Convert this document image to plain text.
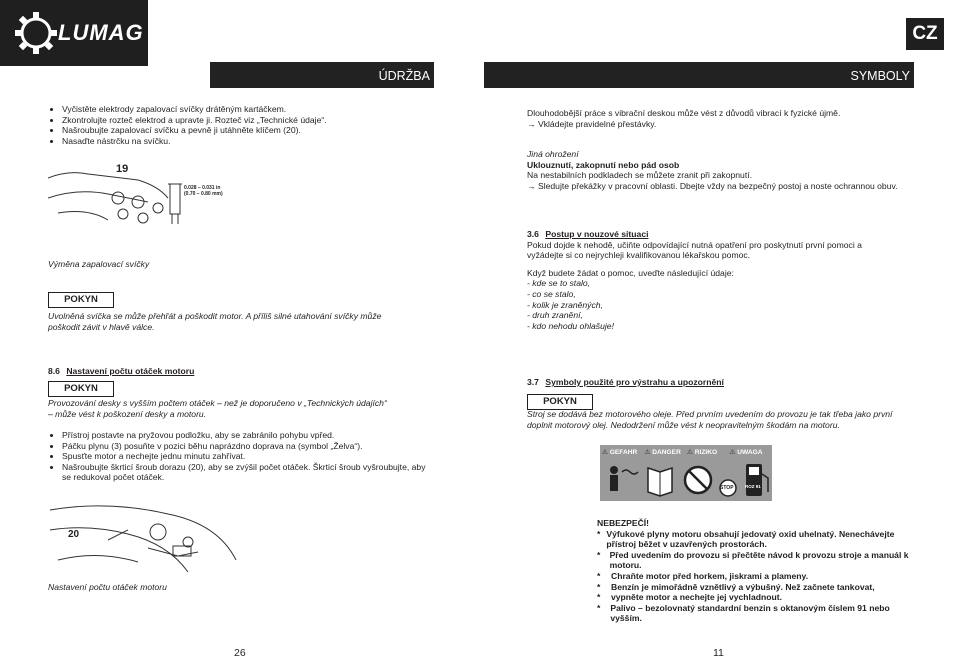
LUMAG	CZ
ÚDRŽBA	SYMBOLY
• Vyčistěte elektrody zapalovací svíčky drátěným kartáčkem.
• Zkontrolujte rozteč elektrod a upravte ji. Rozteč viz „Technické údaje“.
• Našroubujte zapalovací svíčku a pevně ji utáhněte klíčem (20).
• Nasaďte nástrčku na svíčku.
19
0.028 – 0.031 in
(0.70 – 0.80 mm)
Výměna zapalovací svíčky
POKYN
Uvolněná svíčka se může přehřát a poškodit motor. A příliš silné utahování svíčky může poškodit závit v hlavě válce.
8.6 Nastavení počtu otáček motoru
POKYN
Provozování desky s vyšším počtem otáček – než je doporučeno v „Technických údajích“
– může vést k poškození desky a motoru.
• Přístroj postavte na pryžovou podložku, aby se zabránilo pohybu vpřed.
• Páčku plynu (3) posuňte v pozici běhu naprázdno doprava na (symbol „Želva“).
• Spusťte motor a nechejte jednu minutu zahřívat.
• Našroubujte škrticí šroub dorazu (20), aby se zvýšil počet otáček. Škrticí šroub vyšroubujte, aby se redukoval počet otáček.
20
Nastavení počtu otáček motoru
26
Dlouhodobější práce s vibrační deskou může vést z důvodů vibrací k fyzické újmě.
→ Vkládejte pravidelné přestávky.
Jiná ohrožení
Uklouznutí, zakopnutí nebo pád osob
Na nestabilních podkladech se můžete zranit při zakopnutí.
→ Sledujte překážky v pracovní oblasti. Dbejte vždy na bezpečný postoj a noste ochrannou obuv.
3.6 Postup v nouzové situaci
Pokud dojde k nehodě, učiňte odpovídající nutná opatření pro poskytnutí první pomoci a vyžádejte si co nejrychleji kvalifikovanou lékařskou pomoc.
Když budete žádat o pomoc, uveďte následující údaje:
- kde se to stalo,
- co se stalo,
- kolik je zraněných,
- druh zranění,
- kdo nehodu ohlašuje!
3.7 Symboly použité pro výstrahu a upozornění
POKYN
Stroj se dodává bez motorového oleje. Před prvním uvedením do provozu je tak třeba jako první doplnit motorový olej. Nedodržení může vést k neopravitelným škodám na motoru.
⚠ GEFAHR	⚠ DANGER ⚠ RIZIKO	⚠ UWAGA
STOP	ROZ 91
NEBEZPEČÍ!
* Výfukové plyny motoru obsahují jedovatý oxid uhelnatý. Nenechávejte přístroj běžet v uzavřených prostorách.
*	Před uvedením do provozu si přečtěte návod k provozu stroje a manuál k motoru.
*	Chraňte motor před horkem, jiskrami a plameny.
*	Benzín je mimořádně vznětlivý a výbušný. Než začnete tankovat,
*	vypněte motor a nechejte jej vychladnout.
*	Palivo – bezolovnatý standardní benzin s oktanovým číslem 91 nebo vyšším.
11
